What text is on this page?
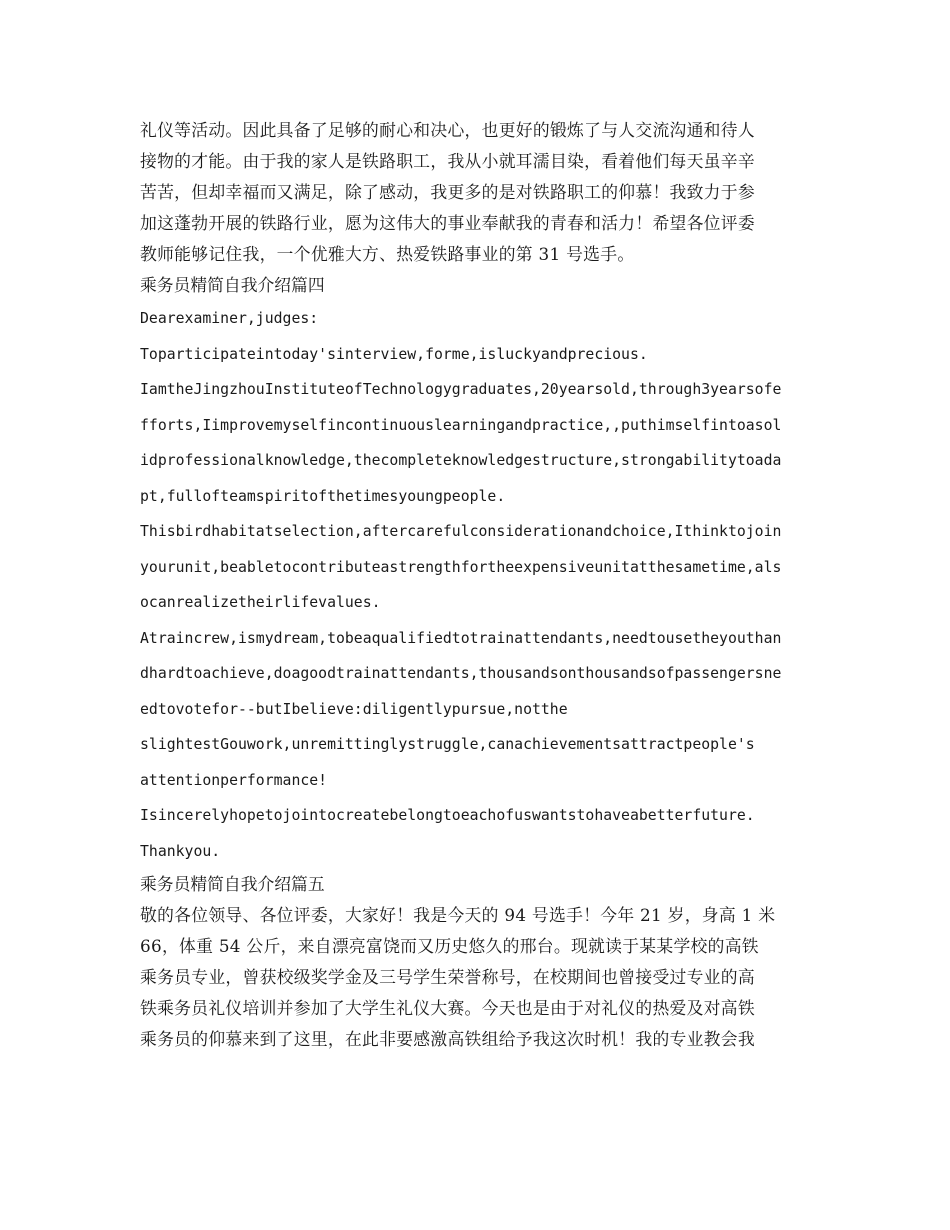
礼仪等活动。因此具备了足够的耐心和决心，也更好的锻炼了与人交流沟通和待人

接物的才能。由于我的家人是铁路职工，我从小就耳濡目染，看着他们每天虽辛辛

苦苦，但却幸福而又满足，除了感动，我更多的是对铁路职工的仰慕！我致力于参

加这蓬勃开展的铁路行业，愿为这伟大的事业奉献我的青春和活力！希望各位评委

教师能够记住我，一个优雅大方、热爱铁路事业的第 31 号选手。

乘务员精简自我介绍篇四

Dearexaminer,judges:

Toparticipateintoday'sinterview,forme,isluckyandprecious.

IamtheJingzhouInstituteofTechnologygraduates,20yearsold,through3yearsofe

fforts,Iimprovemyselfincontinuouslearningandpractice,,puthimselfintoasol

idprofessionalknowledge,thecompleteknowledgestructure,strongabilitytoada

pt,fullofteamspiritofthetimesyoungpeople.

Thisbirdhabitatselection,aftercarefulconsiderationandchoice,Ithinktojoin

yourunit,beabletocontributeastrengthfortheexpensiveunitatthesametime,als

ocanrealizetheirlifevalues.

Atraincrew,ismydream,tobeaqualifiedtotrainattendants,needtousetheyouthan

dhardtoachieve,doagoodtrainattendants,thousandsonthousandsofpassengersne

edtovotefor--butIbelieve:diligentlypursue,notthe

slightestGouwork,unremittinglystruggle,canachievementsattractpeople's

attentionperformance!

Isincerelyhopetojointocreatebelongtoeachofuswantstohaveabetterfuture.

Thankyou.

乘务员精简自我介绍篇五

敬的各位领导、各位评委，大家好！我是今天的 94 号选手！今年 21 岁，身高 1 米

66，体重 54 公斤，来自漂亮富饶而又历史悠久的邢台。现就读于某某学校的高铁

乘务员专业，曾获校级奖学金及三号学生荣誉称号，在校期间也曾接受过专业的高

铁乘务员礼仪培训并参加了大学生礼仪大赛。今天也是由于对礼仪的热爱及对高铁

乘务员的仰慕来到了这里，在此非要感激高铁组给予我这次时机！我的专业教会我
